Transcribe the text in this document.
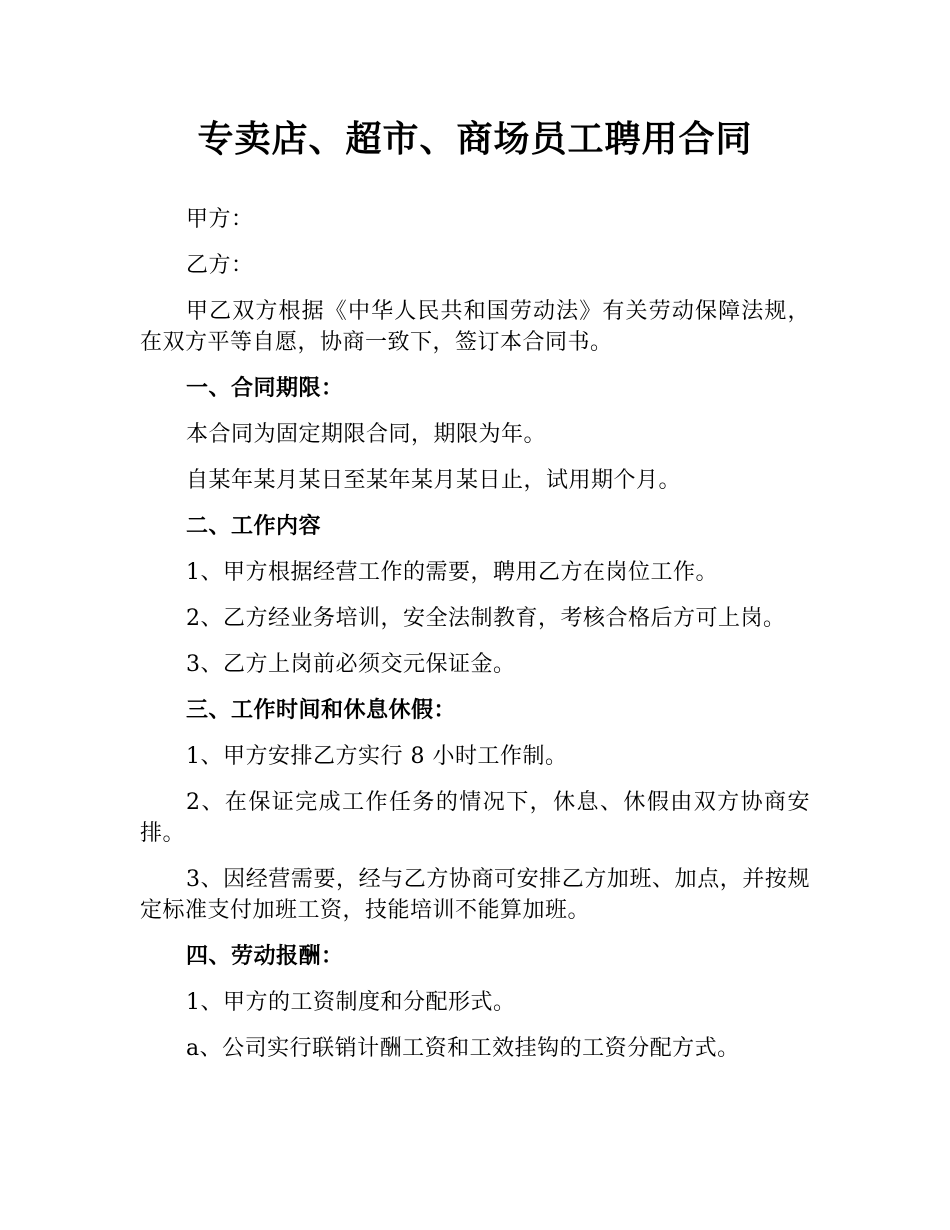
专卖店、超市、商场员工聘用合同

甲方：

乙方：

甲乙双方根据《中华人民共和国劳动法》有关劳动保障法规，在双方平等自愿，协商一致下，签订本合同书。

一、合同期限：

本合同为固定期限合同，期限为年。

自某年某月某日至某年某月某日止，试用期个月。

二、工作内容

1、甲方根据经营工作的需要，聘用乙方在岗位工作。

2、乙方经业务培训，安全法制教育，考核合格后方可上岗。

3、乙方上岗前必须交元保证金。

三、工作时间和休息休假：

1、甲方安排乙方实行 8 小时工作制。

2、在保证完成工作任务的情况下，休息、休假由双方协商安排。

3、因经营需要，经与乙方协商可安排乙方加班、加点，并按规定标准支付加班工资，技能培训不能算加班。

四、劳动报酬：

1、甲方的工资制度和分配形式。

a、公司实行联销计酬工资和工效挂钩的工资分配方式。
